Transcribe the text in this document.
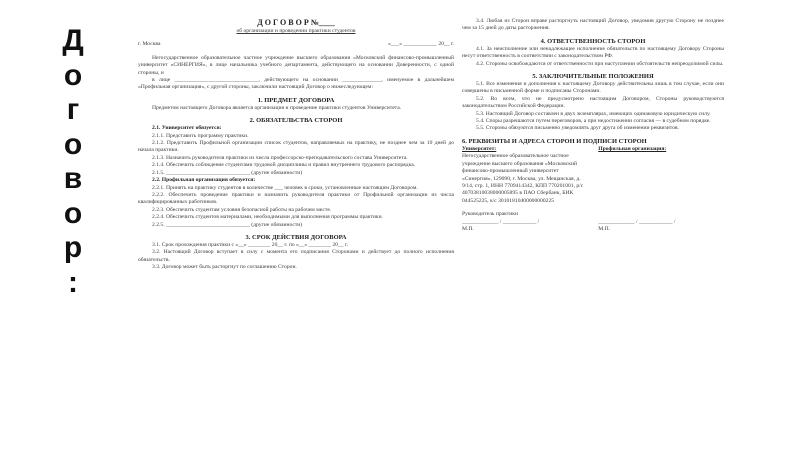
Д
о
г
о
в
о
р
:
Д О Г О В О Р №____
об организации и проведении практики студентов
г. Москва	«___» ____________ 20__ г.
Негосударственное образовательное частное учреждение высшего образования «Московский финансово-промышленный университет «СИНЕРГИЯ», в лице начальника учебного департамента, действующего на основании Доверенности, с одной стороны, и
в лице ______________________________, действующего на основании ______________, именуемое в дальнейшем «Профильная организация», с другой стороны, заключили настоящий Договор о нижеследующем:
1. ПРЕДМЕТ ДОГОВОРА
Предметом настоящего Договора является организация и проведение практики студентов Университета.
2. ОБЯЗАТЕЛЬСТВА СТОРОН
2.1. Университет обязуется:
2.1.1. Представить программу практики.
2.1.2. Представить Профильной организации список студентов, направляемых на практику, не позднее чем за 10 дней до начала практики.
2.1.3. Назначить руководителя практики из числа профессорско-преподавательского состава Университета.
2.1.4. Обеспечить соблюдение студентами трудовой дисциплины и правил внутреннего трудового распорядка.
2.1.5. ______________________________ (другие обязанности)
2.2. Профильная организация обязуется:
2.2.1. Принять на практику студентов в количестве ___ человек в сроки, установленные настоящим Договором.
2.2.2. Обеспечить проведение практики и назначить руководителя практики от Профильной организации из числа квалифицированных работников.
2.2.3. Обеспечить студентам условия безопасной работы на рабочем месте.
2.2.4. Обеспечить студентов материалами, необходимыми для выполнения программы практики.
2.2.5. ______________________________ (другие обязанности)
3. СРОК ДЕЙСТВИЯ ДОГОВОРА
3.1. Срок прохождения практики с «__» ________ 20__ г. по «__» ________ 20__ г.
3.2. Настоящий Договор вступает в силу с момента его подписания Сторонами и действует до полного исполнения обязательств.
3.3. Договор может быть расторгнут по соглашению Сторон.
3.4. Любая из Сторон вправе расторгнуть настоящий Договор, уведомив другую Сторону не позднее чем за 15 дней до даты расторжения.
4. ОТВЕТСТВЕННОСТЬ СТОРОН
4.1. За неисполнение или ненадлежащее исполнение обязательств по настоящему Договору Стороны несут ответственность в соответствии с законодательством РФ.
4.2. Стороны освобождаются от ответственности при наступлении обстоятельств непреодолимой силы.
5. ЗАКЛЮЧИТЕЛЬНЫЕ ПОЛОЖЕНИЯ
5.1. Все изменения и дополнения к настоящему Договору действительны лишь в том случае, если они совершены в письменной форме и подписаны Сторонами.
5.2. Во всем, что не предусмотрено настоящим Договором, Стороны руководствуются законодательством Российской Федерации.
5.3. Настоящий Договор составлен в двух экземплярах, имеющих одинаковую юридическую силу.
5.4. Споры разрешаются путем переговоров, а при недостижении согласия — в судебном порядке.
5.5. Стороны обязуются письменно уведомлять друг друга об изменении реквизитов.
6. РЕКВИЗИТЫ И АДРЕСА СТОРОН И ПОДПИСИ СТОРОН
Университет:
Негосударственное образовательное частное учреждение высшего образования «Московский финансово-промышленный университет «Синергия», 129090, г. Москва, ул. Мещанская, д. 9/14, стр. 1, ИНН 7709414342, КПП 770201001, р/с 40703810038000005895 в ПАО Сбербанк, БИК 044525225, к/с 30101810400000000225
Профильная организация:
Руководитель практики
_____________ / ____________ /	_____________ / ____________ /
М.П.	М.П.
